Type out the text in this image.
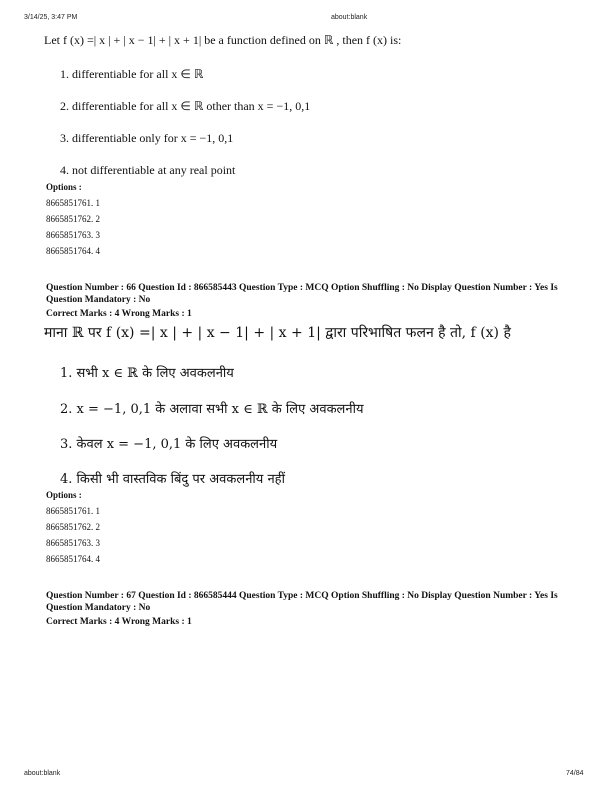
3/14/25, 3:47 PM	about:blank
Let f (x) =| x | + | x − 1| + | x + 1| be a function defined on ℝ , then f (x) is:
1. differentiable for all x ∈ ℝ
2. differentiable for all x ∈ ℝ other than x = −1, 0,1
3. differentiable only for x = −1, 0,1
4. not differentiable at any real point
Options :
8665851761. 1
8665851762. 2
8665851763. 3
8665851764. 4
Question Number : 66 Question Id : 866585443 Question Type : MCQ Option Shuffling : No Display Question Number : Yes Is Question Mandatory : No
Correct Marks : 4 Wrong Marks : 1
माना ℝ पर f (x) =| x | + | x − 1| + | x + 1| द्वारा परिभाषित फलन है तो, f (x) है
1. सभी x ∈ ℝ के लिए अवकलनीय
2. x = −1, 0,1 के अलावा सभी x ∈ ℝ के लिए अवकलनीय
3. केवल x = −1, 0,1 के लिए अवकलनीय
4. किसी भी वास्तविक बिंदु पर अवकलनीय नहीं
Options :
8665851761. 1
8665851762. 2
8665851763. 3
8665851764. 4
Question Number : 67 Question Id : 866585444 Question Type : MCQ Option Shuffling : No Display Question Number : Yes Is Question Mandatory : No
Correct Marks : 4 Wrong Marks : 1
about:blank	74/84
